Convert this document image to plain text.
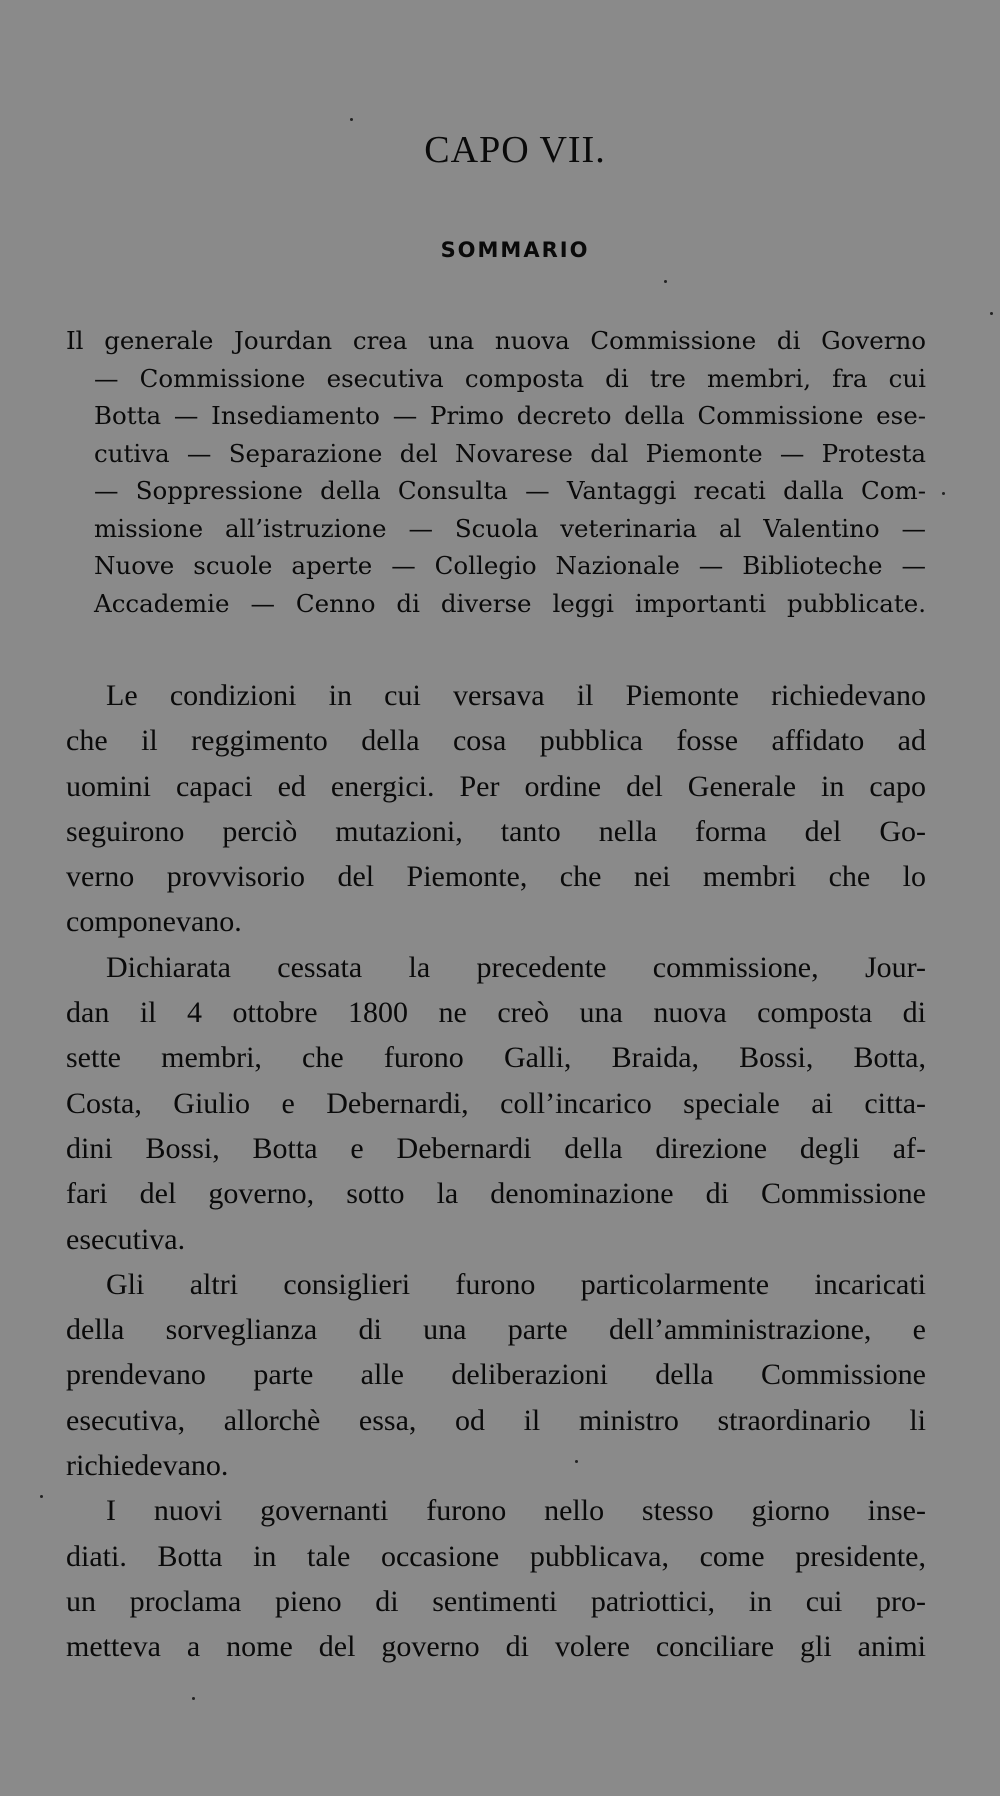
CAPO VII.
SOMMARIO
Il generale Jourdan crea una nuova Commissione di Governo
— Commissione esecutiva composta di tre membri, fra cui
Botta — Insediamento — Primo decreto della Commissione ese-
cutiva — Separazione del Novarese dal Piemonte — Protesta
— Soppressione della Consulta — Vantaggi recati dalla Com-
missione all’istruzione — Scuola veterinaria al Valentino —
Nuove scuole aperte — Collegio Nazionale — Biblioteche —
Accademie — Cenno di diverse leggi importanti pubblicate.
Le condizioni in cui versava il Piemonte richiedevano
che il reggimento della cosa pubblica fosse affidato ad
uomini capaci ed energici. Per ordine del Generale in capo
seguirono perciò mutazioni, tanto nella forma del Go-
verno provvisorio del Piemonte, che nei membri che lo
componevano.
Dichiarata cessata la precedente commissione, Jour-
dan il 4 ottobre 1800 ne creò una nuova composta di
sette membri, che furono Galli, Braida, Bossi, Botta,
Costa, Giulio e Debernardi, coll’incarico speciale ai citta-
dini Bossi, Botta e Debernardi della direzione degli af-
fari del governo, sotto la denominazione di Commissione
esecutiva.
Gli altri consiglieri furono particolarmente incaricati
della sorveglianza di una parte dell’amministrazione, e
prendevano parte alle deliberazioni della Commissione
esecutiva, allorchè essa, od il ministro straordinario li
richiedevano.
I nuovi governanti furono nello stesso giorno inse-
diati. Botta in tale occasione pubblicava, come presidente,
un proclama pieno di sentimenti patriottici, in cui pro-
metteva a nome del governo di volere conciliare gli animi
